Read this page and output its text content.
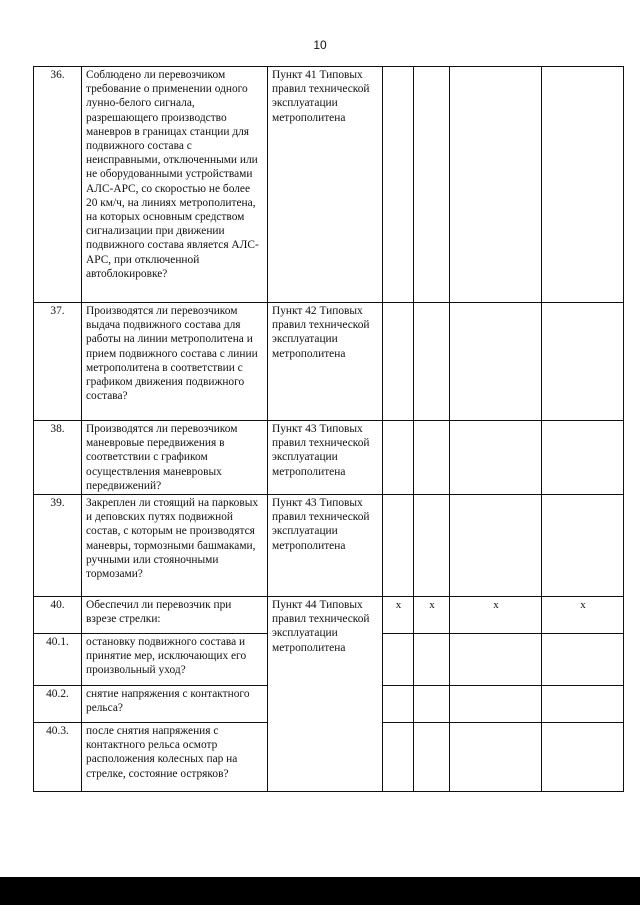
10
36.	Соблюдено ли перевозчиком требование о применении одного лунно-белого сигнала, разрешающего производство маневров в границах станции для подвижного состава с неисправными, отключенными или не оборудованными устройствами АЛС-АРС, со скоростью не более 20 км/ч, на линиях метрополитена, на которых основным средством сигнализации при движении подвижного состава является АЛС-АРС, при отключенной автоблокировке?	Пункт 41 Типовых правил технической эксплуатации метрополитена				
37.	Производятся ли перевозчиком выдача подвижного состава для работы на линии метрополитена и прием подвижного состава с линии метрополитена в соответствии с графиком движения подвижного состава?	Пункт 42 Типовых правил технической эксплуатации метрополитена				
38.	Производятся ли перевозчиком маневровые передвижения в соответствии с графиком осуществления маневровых передвижений?	Пункт 43 Типовых правил технической эксплуатации метрополитена				
39.	Закреплен ли стоящий на парковых и деповских путях подвижной состав, с которым не производятся маневры, тормозными башмаками, ручными или стояночными тормозами?	Пункт 43 Типовых правил технической эксплуатации метрополитена				
40.	Обеспечил ли перевозчик при взрезе стрелки:	Пункт 44 Типовых правил технической эксплуатации метрополитена	х	х	х	х
40.1.	остановку подвижного состава и принятие мер, исключающих его произвольный уход?					
40.2.	снятие напряжения с контактного рельса?					
40.3.	после снятия напряжения с контактного рельса осмотр расположения колесных пар на стрелке, состояние остряков?					
